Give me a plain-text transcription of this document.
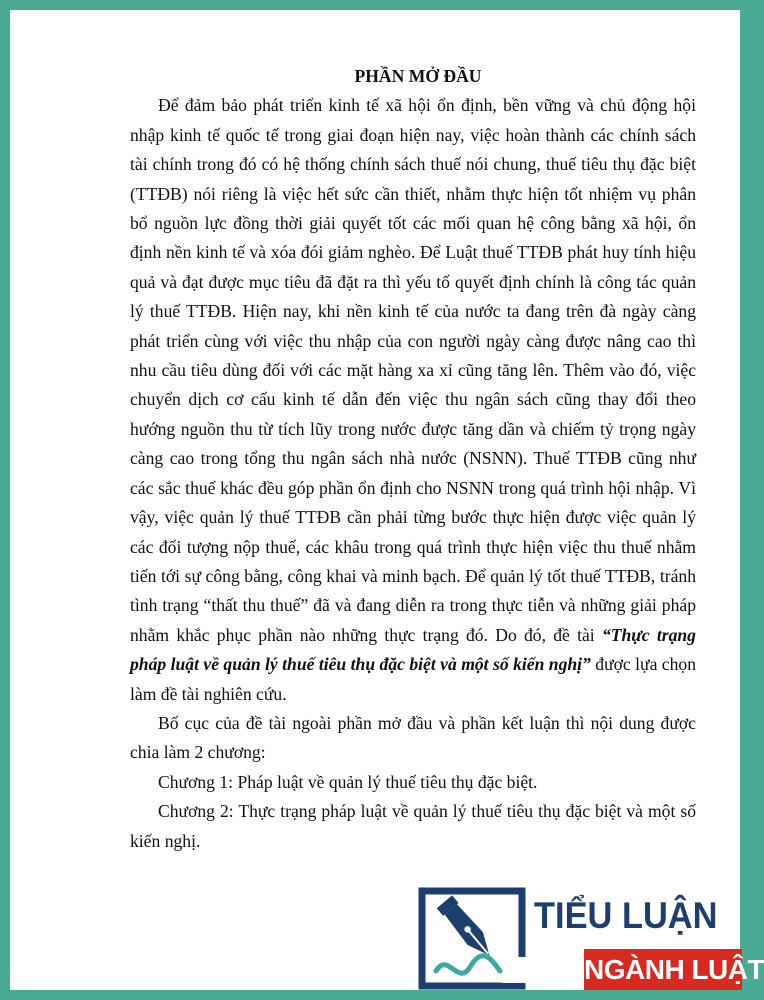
PHẦN MỞ ĐẦU

Để đảm bảo phát triển kinh tế xã hội ổn định, bền vững và chủ động hội nhập kinh tế quốc tế trong giai đoạn hiện nay, việc hoàn thành các chính sách tài chính trong đó có hệ thống chính sách thuế nói chung, thuế tiêu thụ đặc biệt (TTĐB) nói riêng là việc hết sức cần thiết, nhằm thực hiện tốt nhiệm vụ phân bổ nguồn lực đồng thời giải quyết tốt các mối quan hệ công bằng xã hội, ổn định nền kinh tế và xóa đói giảm nghèo. Để Luật thuế TTĐB phát huy tính hiệu quả và đạt được mục tiêu đã đặt ra thì yếu tố quyết định chính là công tác quản lý thuế TTĐB. Hiện nay, khi nền kinh tế của nước ta đang trên đà ngày càng phát triển cùng với việc thu nhập của con người ngày càng được nâng cao thì nhu cầu tiêu dùng đối với các mặt hàng xa xỉ cũng tăng lên. Thêm vào đó, việc chuyển dịch cơ cấu kinh tế dẫn đến việc thu ngân sách cũng thay đổi theo hướng nguồn thu từ tích lũy trong nước được tăng dần và chiếm tỷ trọng ngày càng cao trong tổng thu ngân sách nhà nước (NSNN). Thuế TTĐB cũng như các sắc thuế khác đều góp phần ổn định cho NSNN trong quá trình hội nhập. Vì vậy, việc quản lý thuế TTĐB cần phải từng bước thực hiện được việc quản lý các đối tượng nộp thuế, các khâu trong quá trình thực hiện việc thu thuế nhằm tiến tới sự công bằng, công khai và minh bạch. Để quản lý tốt thuế TTĐB, tránh tình trạng “thất thu thuế” đã và đang diễn ra trong thực tiễn và những giải pháp nhằm khắc phục phần nào những thực trạng đó. Do đó, đề tài “Thực trạng pháp luật về quản lý thuế tiêu thụ đặc biệt và một số kiến nghị” được lựa chọn làm đề tài nghiên cứu.

Bố cục của đề tài ngoài phần mở đầu và phần kết luận thì nội dung được chia làm 2 chương:

Chương 1: Pháp luật về quản lý thuế tiêu thụ đặc biệt.

Chương 2: Thực trạng pháp luật về quản lý thuế tiêu thụ đặc biệt và một số kiến nghị.

TIỂU LUẬN
NGÀNH LUẬT
